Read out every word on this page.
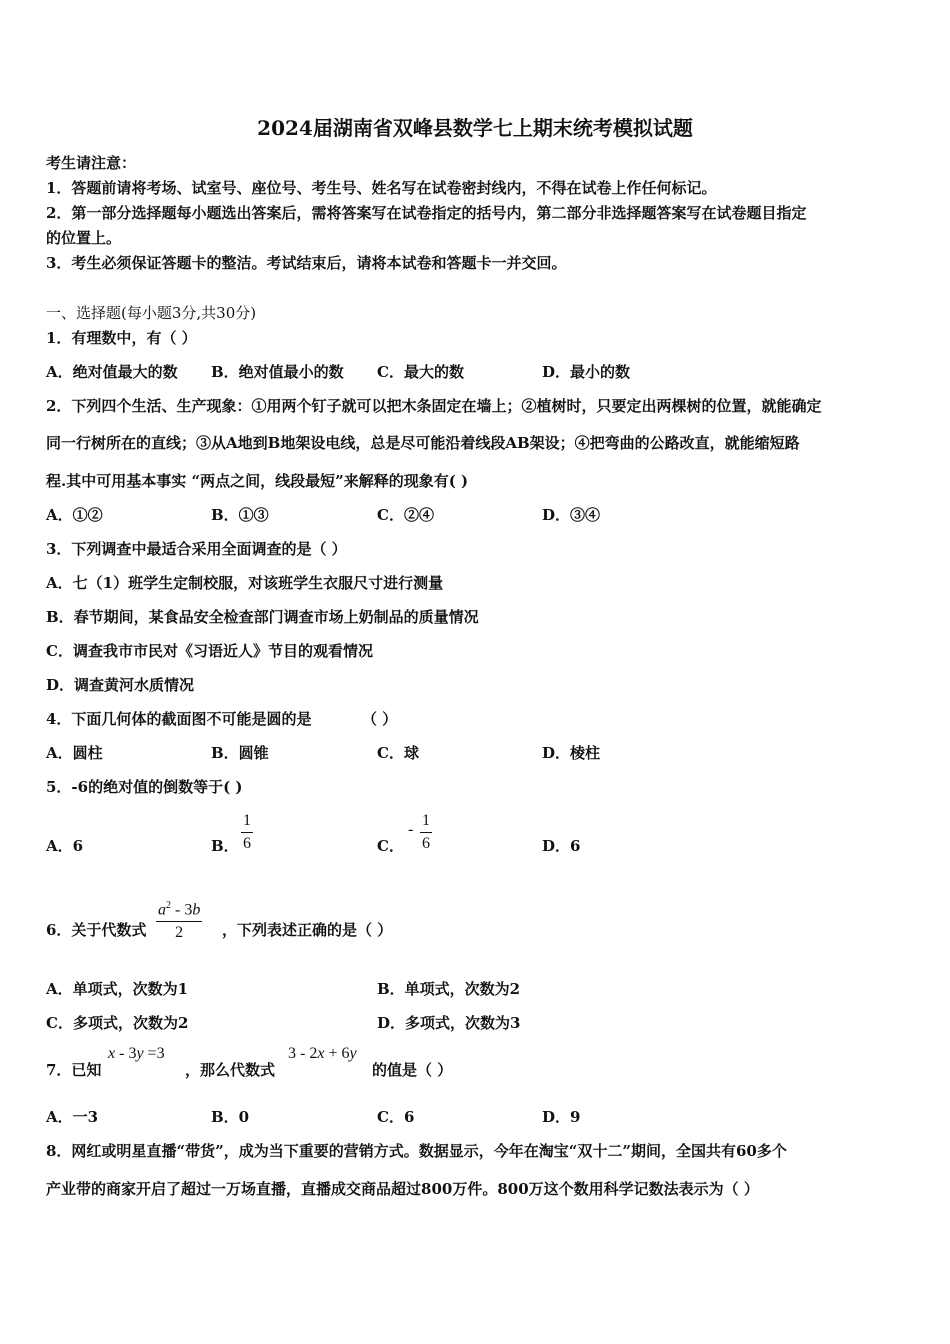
2024届湖南省双峰县数学七上期末统考模拟试题
考生请注意：
1．答题前请将考场、试室号、座位号、考生号、姓名写在试卷密封线内，不得在试卷上作任何标记。
2．第一部分选择题每小题选出答案后，需将答案写在试卷指定的括号内，第二部分非选择题答案写在试卷题目指定
的位置上。
3．考生必须保证答题卡的整洁。考试结束后，请将本试卷和答题卡一并交回。
一、选择题(每小题3分,共30分)
1．有理数中，有（ ）
A．绝对值最大的数 B．绝对值最小的数 C．最大的数	D．最小的数
2．下列四个生活、生产现象：①用两个钉子就可以把木条固定在墙上；②植树时，只要定出两棵树的位置，就能确定
同一行树所在的直线；③从A地到B地架设电线，总是尽可能沿着线段AB架设；④把弯曲的公路改直，就能缩短路
程.其中可用基本事实 “两点之间，线段最短”来解释的现象有( )
A．①②	B．①③	C．②④	D．③④
3．下列调查中最适合采用全面调查的是（ ）
A．七（1）班学生定制校服，对该班学生衣服尺寸进行测量
B．春节期间，某食品安全检查部门调查市场上奶制品的质量情况
C．调查我市市民对《习语近人》节目的观看情况
D．调查黄河水质情况
4．下面几何体的截面图不可能是圆的是	（ ）
A．圆柱	B．圆锥	C．球	D．棱柱
5．-6的绝对值的倒数等于( )
A．6	B．
1
6	C．
-
1
6	D．6
6．关于代数式
$a^2 - 3b$
2	，下列表述正确的是（ ）
A．单项式，次数为1	B．单项式，次数为2
C．多项式，次数为2	D．多项式，次数为3
7．已知
x - 3y =3
，那么代数式
3 - 2x + 6y
的值是（ ）
A．一3	B．0	C．6	D．9
8．网红或明星直播“带货”，成为当下重要的营销方式。数据显示，今年在淘宝“双十二”期间，全国共有60多个
产业带的商家开启了超过一万场直播，直播成交商品超过800万件。800万这个数用科学记数法表示为（ ）
